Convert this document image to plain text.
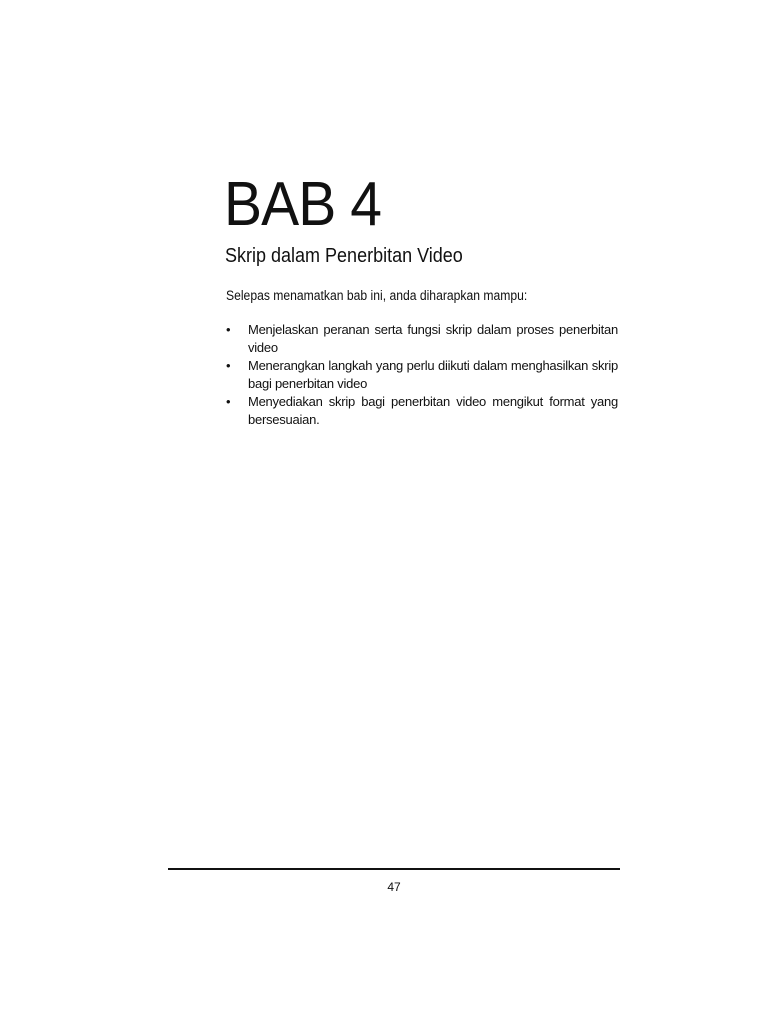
BAB 4
Skrip dalam Penerbitan Video
Selepas menamatkan bab ini, anda diharapkan mampu:
• Menjelaskan peranan serta fungsi skrip dalam proses penerbitan video
• Menerangkan langkah yang perlu diikuti dalam menghasilkan skrip bagi penerbitan video
• Menyediakan skrip bagi penerbitan video mengikut format yang bersesuaian.
47
